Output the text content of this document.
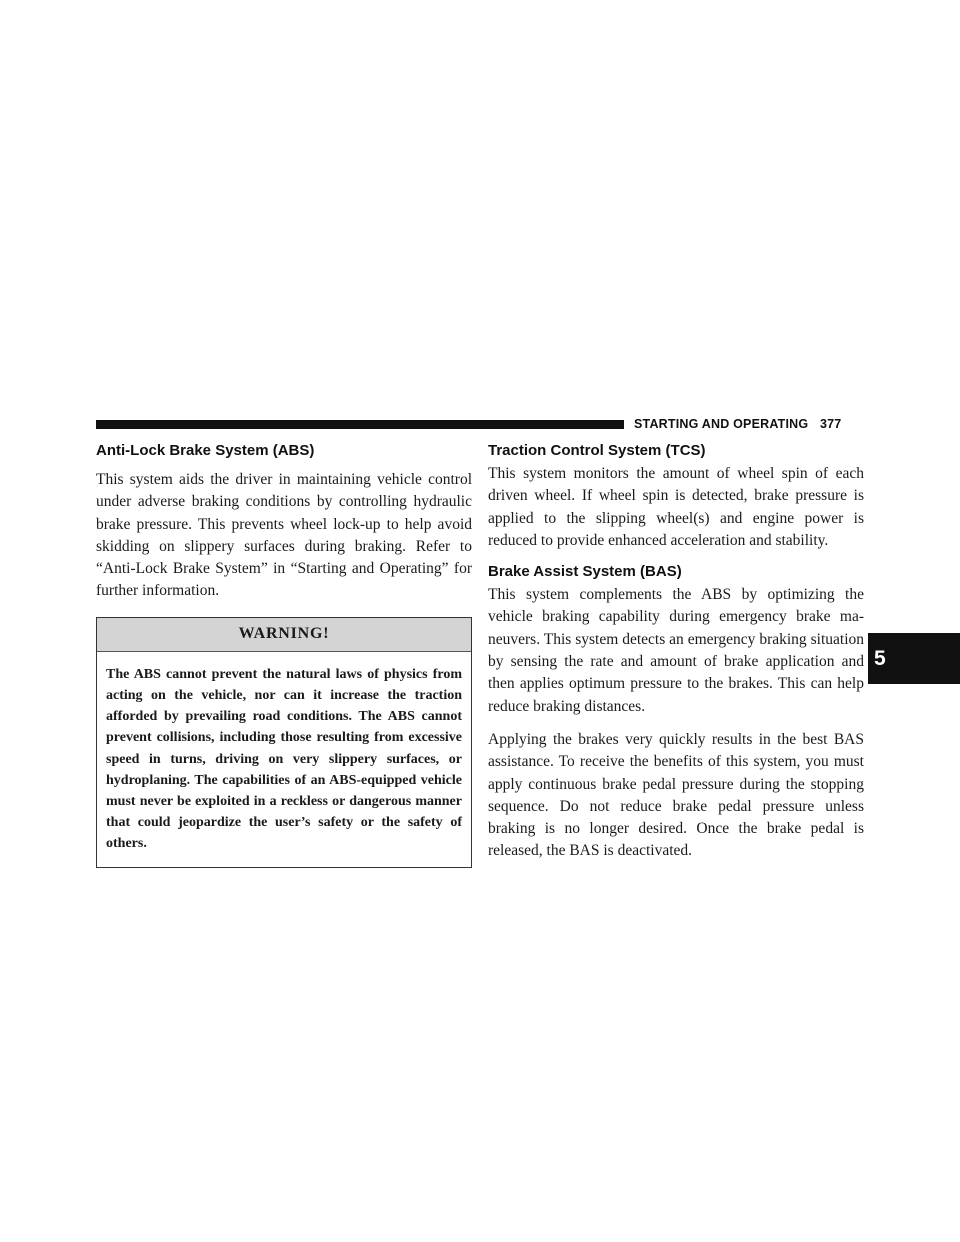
STARTING AND OPERATING 377
Anti-Lock Brake System (ABS)

This system aids the driver in maintaining vehicle control under adverse braking conditions by controlling hydraulic brake pressure. This prevents wheel lock-up to help avoid skidding on slippery surfaces during braking. Refer to “Anti-Lock Brake System” in “Starting and Operating” for further information.

WARNING!
The ABS cannot prevent the natural laws of physics from acting on the vehicle, nor can it increase the traction afforded by prevailing road conditions. The ABS cannot prevent collisions, including those resulting from excessive speed in turns, driving on very slippery surfaces, or hydroplaning. The capabilities of an ABS-equipped vehicle must never be exploited in a reckless or dangerous manner that could jeopardize the user’s safety or the safety of others.
Traction Control System (TCS)

This system monitors the amount of wheel spin of each driven wheel. If wheel spin is detected, brake pressure is applied to the slipping wheel(s) and engine power is reduced to provide enhanced acceleration and stability.

Brake Assist System (BAS)

This system complements the ABS by optimizing the vehicle braking capability during emergency brake maneuvers. This system detects an emergency braking situation by sensing the rate and amount of brake application and then applies optimum pressure to the brakes. This can help reduce braking distances.

Applying the brakes very quickly results in the best BAS assistance. To receive the benefits of this system, you must apply continuous brake pedal pressure during the stopping sequence. Do not reduce brake pedal pressure unless braking is no longer desired. Once the brake pedal is released, the BAS is deactivated.

5
